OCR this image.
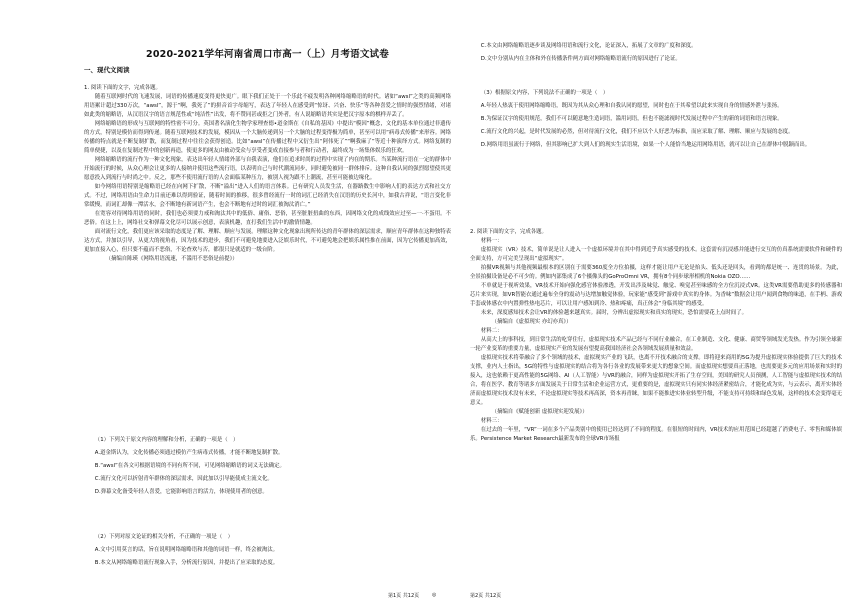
2020-2021学年河南省周口市高一（上）月考语文试卷
一、现代文阅读

1. 阅读下面的文字，完成各题。

随着互联网时代的飞速发展，词语的传播速度变得更快更广。眼下我们正处于一个乐此不疲发明各种网络缩略语的时代。诸如“awsl”之类的高频网络用语累计超过330万次，“awsl”，源于“啊，我死了”的拼音首字母缩写，表达了年轻人在感受到“惊讶、兴奋、快乐”等各种喜爱之情时的强烈情绪，对诸如此类的缩略语，从汉语汉字的语言规范性或“纯洁性”出发，将不赞同甚或拒之门外者，有人说缩略语其实是把汉字原本的棋样弄丢了。

网络缩略语的形成与互联网的特性密不可分。英国著名演化生物学家理查德•道金斯在《自私的基因》中提出“模因”概念，文化的基本单位通过非遗传的方式，特别是模仿而得到传递。随着互联网技术的发展，模因从一个大脑传递到另一个大脑的过程变得极为简单，甚至可以用“病毒式传播”来形容。网络传播的特点就是不断复制扩散，而复制过程中往往会获得创造。比如“awsl”在传播过程中又衍生出“阿伟死了”“啊我麻了”等近十种演绎方式。网络复制的简单便捷，以及在复制过程中的创新再造，使更多的网友由被动受众与享受者变成直接参与者和行动者，最终成为一场集体娱乐的狂欢。

网络缩略语的流行作为一种文化现象，表达出年轻人情绪外部与自我表演，他们在追求时尚的过程中实现了内在的期乐。当某种流行语在一定的群体中开始流行的时候，从众心理会让更多的人接纳并使用这些流行语，以表明自己与时代潮流同步，同时避免被同一群体排斥。这种自我认同的强烈愿望使其更愿意投入到流行与时尚之中。反之，那些不使用流行语的人会面临某种压力，被别人视为跟不上潮流，甚至可能被边缘化。

如今网络用语特别是缩略语已经在向网下扩散，不断“溢出”进入人们的语言体系。已有研究人员发生活，在器路数生中影响人们的表达方式和社交方式。不过，网络用语由生命力目前还难以得到验证，随着时间的推移，很多曾经流行一时的词汇已经消失在汉语的历史长河中，如我古祥说，“语言变化非常缓慢，而词汇却像一潭活水，会不断地有新词语产生，也会不断地有过时的词汇被淘汰消亡。”

在宽容对待网络用语的同时，我们也必须要力戒和淘汰其中的低俗、庸俗、恶俗，甚至脏脏扭曲的东西，因网络文化的成线效应过至—一·不蛋用。不恶俗。在这上上，网络社交和弹幕文化尽可以展示创意，表演机趣，直打我们生活中的激情情趣。

面对流行文化，我们更应该采取的态度是了解、理解、顺应与发展。理解这种文化现象出现所传达的青年群体的深层需求，顺应青年群体在这种独特表达方式，并加以引导，从更大的视角看，因为技术的进步，我们不可避免地要进入泛娱乐时代，不可避免地会把娱乐属性推在前面，因为它传播更加高效，更加直接入心，但只要不蕴而不恶俗，不论查欢与否，都很只是就适的一级台阶。

（摘编自陈瑛《网络用语流速，不滥用不恶俗是前提》）

（1）下列关于原文内容的理解和分析，正确的一项是（　）

A.道金斯认为，文化传播必须通过模仿产生病毒式传播，才能不断地复制扩散。

B.“awsl”在各文可根据语境的不同有所不同，可见网络缩略语的词义无法确定。

C.流行文化可以折射青年群体的深层需求，因此加以引导能使成主流文化。

D.弹幕文化备受年轻人喜爱，它能影响语言的活力，体现使用者的创意。

（2）下列对原文论证的相关分析，不正确的一项是（　）

A.文中引用莫言的话，旨在说明网络缩略语和其他的词语一样，终会被淘汰。

B.本文从网络缩略语流行现象入手，分析流行原因，并提出了应采取的态度。

C.本文由网络缩略语逐步谈及网络用语和流行文化，论证深入，拓展了文章的广度和深度。

D.文中分别从内在主体和外在传播条件两方面对网络缩略语流行的原因进行了论证。

（3）根据原文内容，下列说法不正确的一项是（　）

A.年轻人热衷于使用网络缩略语，既因为其从众心理和自我认同的愿望，同时也在于其希望以此来实现自身的情感外泄与张扬。

B.为保证汉字的使用规范，我们不可以随意地生造词语，滥用词语，但也不能滤视时代发展过程中产生的新的词语和语言现象。

C.流行文化的兴起，是时代发展的必然，但对待流行文化，我们不应以个人好恶为标准，而应采取了解、理解、顺应与发展的态度。

D.网络用语虽流行于网络，但其影响已扩大到人们的现实生活语境，如果一个人能恰当地运用网络用语，就可以让自己在群体中脱颖而出。

2. 阅读下面的文字，完成各题。

材料一：

虚拟现实（VR）技术，简单说是让人进入一个虚拟环境并在其中得到近乎真实感受的技术。这套需有沉浸感并能进行交互的仿真系统需要软件和硬件的全面支持，方可完美呈现出“虚拟现实”。

拍摄VR视频与其他视频最根本的区别在于需要360度全方位拍摄，这样才能让用户无论是抬头、低头还是回头，看到的都是统一、连贯的场景。为此，全景拍摄设备是必不可少的。例如内部集成了6个摄像头的GoProOmni VR，拥有8个同步球形相机的Nokia OZO……

不单就是于视听效果，VR技术开始向强化感官体验渗透，开发出涉及味觉、触觉、嗅觉甚至味感的全方位沉浸式VR。这类VR需要借助更多的传感器和芯片来实现，如VR智能衣通过遍布全身的震动与达增加触觉体验，玩家能“感受到”游戏中真实的身体。为香味”数据会让用户闻到食物的味道，在手柄、游戏手套或体感衣中内置弹性热电芯片，可以让用户感知到冷、热和疼痛，真正体会“身临其境”的感受。

未来，深度感知技术会让VR的体验越来越真实。届时，分辨出虚拟现实和真实的现实，恐怕需要花上点时间了。

（摘编自《虚拟现实 亦幻亦真》）

材料二：

从高大上的事科技，到日常生活的吃穿住行，虚拟现实技术产品已经与不同行业融合，在工业制造、文化、健康、商贸等领域发光发热。作为引领全球新一轮产业变革的重要力量，虚拟现实产业的发展有望提高我国经济社会各领域发展质量和效益。

虚拟现实技术将带融合了多个领域的技术，虚拟现实产业的飞跃，也离不开技术融合的支撑。即将迎来商用的5G为提升虚拟现实体验提供了巨大的技术支撑，业内人士指出，5G的特性与虚拟现实的结合将为各行各业的发展带来更大的想象空间。而虚拟现实想要真正落地，也需要更多元的应用场景和实时的接入，这也依赖于更高性能的5G网络、AI（人工智能）与VR的融合，同样为虚拟现实开拓了生存空间，美国的研究人员预测，人工智能与虚拟现实技术的结合，将在医学、教育等诸多方面发展关于日常生活和企业运营方式，更重要的是，虚拟现实只有同实体经济紧密结合，才能化成为实，与云表示，离开实体经济而虚拟现实技术没有未来，不论虚拟现实等技术再高深，资本再青睐，如果不能推进实体业转型升级，不能支持可持续和绿色发展，这样的技术会变得毫无意义。

（摘编自《赋能创新 虚拟现实迎发展》）

材料三：

在过去的一年里，“VR”一词在多个产品类别中的使用已经达到了不同的程度。在很短的时间内，VR技术的应用范围已经超越了消费电子、零售和媒体娱乐。Persistence Market Research最新发布的全球VR市场报

第1页 共12页	◎	第2页 共12页
